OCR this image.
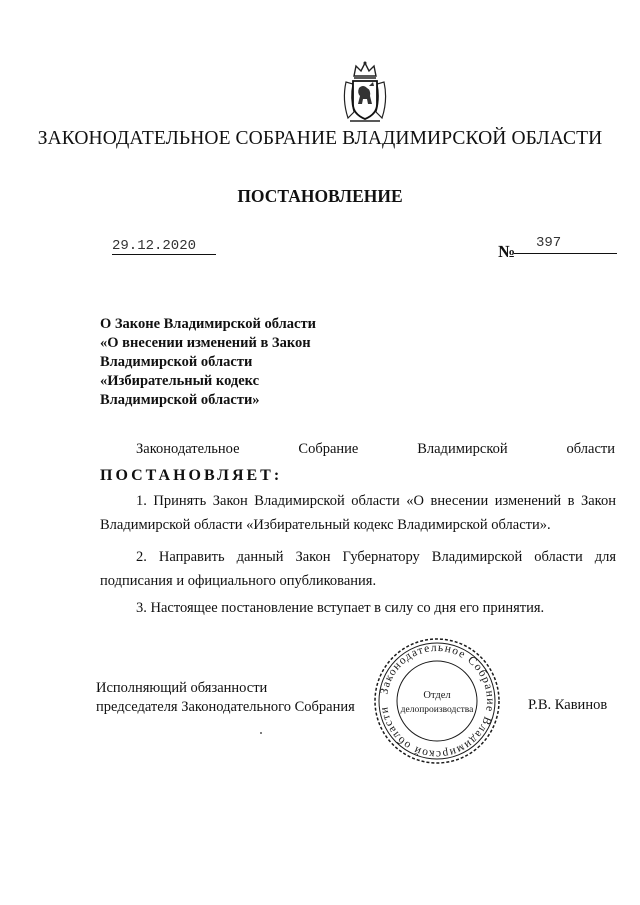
ЗАКОНОДАТЕЛЬНОЕ СОБРАНИЕ ВЛАДИМИРСКОЙ ОБЛАСТИ
ПОСТАНОВЛЕНИЕ
29.12.2020	№	397
О Законе Владимирской области
«О внесении изменений в Закон
Владимирской области
«Избирательный кодекс
Владимирской области»
Законодательное	Собрание	Владимирской	области
ПОСТАНОВЛЯЕТ:
1. Принять Закон Владимирской области «О внесении изменений в Закон
Владимирской области «Избирательный кодекс Владимирской области».
2. Направить данный Закон Губернатору Владимирской области для
подписания и официального опубликования.
3. Настоящее постановление вступает в силу со дня его принятия.
Исполняющий обязанности
председателя Законодательного Собрания
Законодательное Собрание Владимирской области
Отдел
делопроизводства	Р.В. Кавинов
